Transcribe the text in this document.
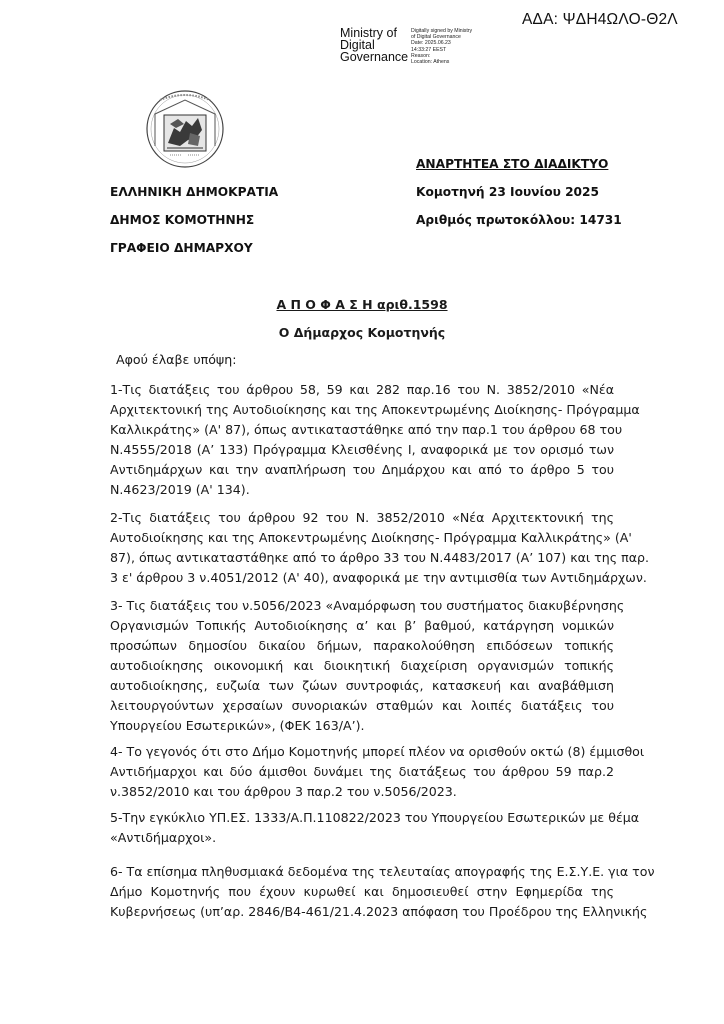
ΑΔΑ: ΨΔΗ4ΩΛΟ-Θ2Λ
Ministry of
Digital
Governance
Digitally signed by Ministry
of Digital Governance
Date: 2025.06.23
14:33:27 EEST
Reason:
Location: Athens
ΕΛΛΗΝΙΚΗ ΔΗΜΟΚΡΑΤΙΑ
ΔΗΜΟΣ ΚΟΜΟΤΗΝΗΣ
ΓΡΑΦΕΙΟ ΔΗΜΑΡΧΟΥ
ΑΝΑΡΤΗΤΕΑ ΣΤΟ ΔΙΑΔΙΚΤΥΟ
Κομοτηνή 23 Ιουνίου 2025
Αριθμός πρωτοκόλλου: 14731
Α Π Ο Φ Α Σ Η αριθ.1598
Ο Δήμαρχος Κομοτηνής
Αφού έλαβε υπόψη:
1-Τις διατάξεις του άρθρου 58, 59 και 282 παρ.16 του Ν. 3852/2010 «Νέα
Αρχιτεκτονική της Αυτοδιοίκησης και της Αποκεντρωμένης Διοίκησης- Πρόγραμμα
Καλλικράτης» (Α' 87), όπως αντικαταστάθηκε από την παρ.1 του άρθρου 68 του
Ν.4555/2018 (Α’ 133) Πρόγραμμα Κλεισθένης Ι, αναφορικά με τον ορισμό των
Αντιδημάρχων και την αναπλήρωση του Δημάρχου και από το άρθρο 5 του
Ν.4623/2019 (Α' 134).
2-Τις διατάξεις του άρθρου 92 του Ν. 3852/2010 «Νέα Αρχιτεκτονική της
Αυτοδιοίκησης και της Αποκεντρωμένης Διοίκησης- Πρόγραμμα Καλλικράτης» (Α'
87), όπως αντικαταστάθηκε από το άρθρο 33 του Ν.4483/2017 (Α’ 107) και της παρ.
3 ε' άρθρου 3 ν.4051/2012 (Α' 40), αναφορικά με την αντιμισθία των Αντιδημάρχων.
3- Τις διατάξεις του ν.5056/2023 «Αναμόρφωση του συστήματος διακυβέρνησης
Οργανισμών Τοπικής Αυτοδιοίκησης α’ και β’ βαθμού, κατάργηση νομικών
προσώπων δημοσίου δικαίου δήμων, παρακολούθηση επιδόσεων τοπικής
αυτοδιοίκησης οικονομική και διοικητική διαχείριση οργανισμών τοπικής
αυτοδιοίκησης, ευζωία των ζώων συντροφιάς, κατασκευή και αναβάθμιση
λειτουργούντων χερσαίων συνοριακών σταθμών και λοιπές διατάξεις του
Υπουργείου Εσωτερικών», (ΦΕΚ 163/Α’).
4- Το γεγονός ότι στο Δήμο Κομοτηνής μπορεί πλέον να ορισθούν οκτώ (8) έμμισθοι
Αντιδήμαρχοι και δύο άμισθοι δυνάμει της διατάξεως του άρθρου 59 παρ.2
ν.3852/2010 και του άρθρου 3 παρ.2 του ν.5056/2023.
5-Την εγκύκλιο ΥΠ.ΕΣ. 1333/Α.Π.110822/2023 του Υπουργείου Εσωτερικών με θέμα
«Αντιδήμαρχοι».
6- Τα επίσημα πληθυσμιακά δεδομένα της τελευταίας απογραφής της Ε.Σ.Υ.Ε. για τον
Δήμο Κομοτηνής που έχουν κυρωθεί και δημοσιευθεί στην Εφημερίδα της
Κυβερνήσεως (υπ’αρ. 2846/Β4-461/21.4.2023 απόφαση του Προέδρου της Ελληνικής
